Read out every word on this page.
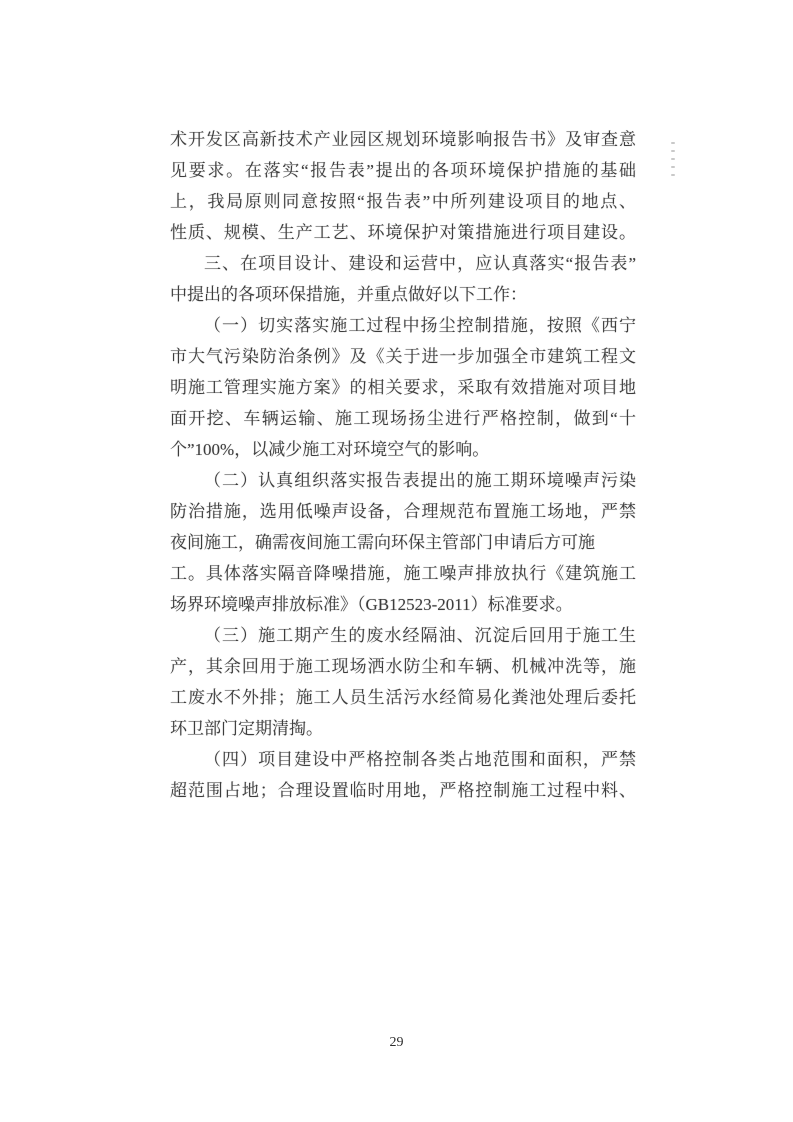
术开发区高新技术产业园区规划环境影响报告书》及审查意
见要求。在落实“报告表”提出的各项环境保护措施的基础
上，我局原则同意按照“报告表”中所列建设项目的地点、
性质、规模、生产工艺、环境保护对策措施进行项目建设。
三、在项目设计、建设和运营中，应认真落实“报告表”
中提出的各项环保措施，并重点做好以下工作：
（一）切实落实施工过程中扬尘控制措施，按照《西宁
市大气污染防治条例》及《关于进一步加强全市建筑工程文
明施工管理实施方案》的相关要求，采取有效措施对项目地
面开挖、车辆运输、施工现场扬尘进行严格控制，做到“十
个”100%，以减少施工对环境空气的影响。
（二）认真组织落实报告表提出的施工期环境噪声污染
防治措施，选用低噪声设备，合理规范布置施工场地，严禁
夜间施工，确需夜间施工需向环保主管部门申请后方可施
工。具体落实隔音降噪措施，施工噪声排放执行《建筑施工
场界环境噪声排放标准》（GB12523-2011）标准要求。
（三）施工期产生的废水经隔油、沉淀后回用于施工生
产，其余回用于施工现场洒水防尘和车辆、机械冲洗等，施
工废水不外排；施工人员生活污水经简易化粪池处理后委托
环卫部门定期清掏。
（四）项目建设中严格控制各类占地范围和面积，严禁
超范围占地；合理设置临时用地，严格控制施工过程中料、
29
